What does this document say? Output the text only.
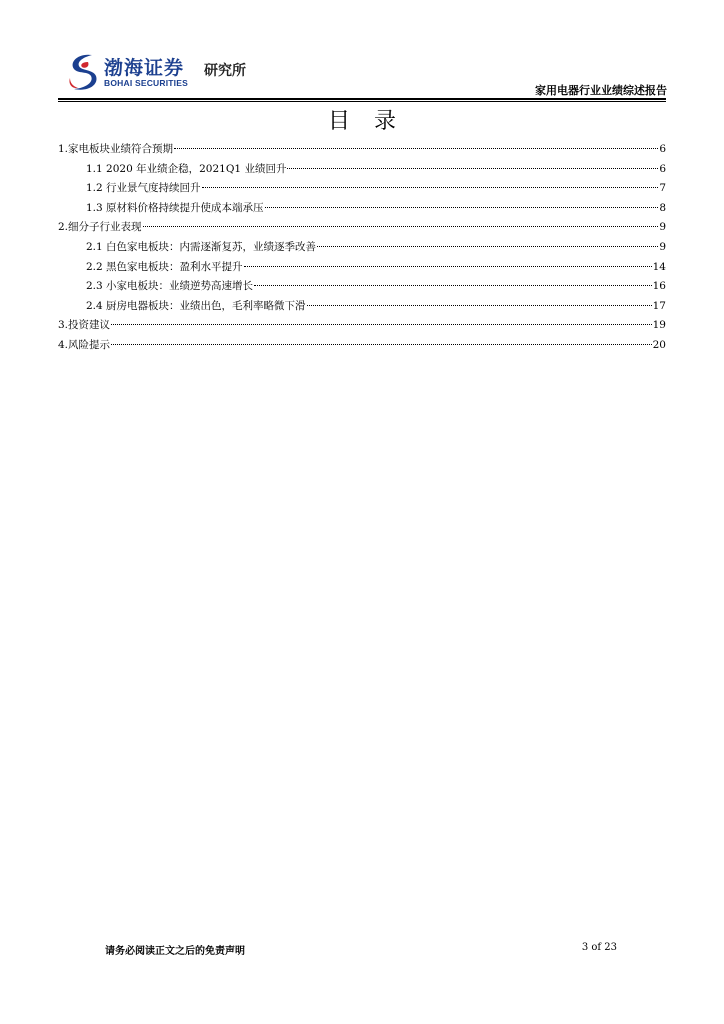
渤海证券
BOHAI SECURITIES
研究所
家用电器行业业绩综述报告
目录
1.家电板块业绩符合预期	6
1.1 2020 年业绩企稳，2021Q1 业绩回升	6
1.2 行业景气度持续回升	7
1.3 原材料价格持续提升使成本端承压	8
2.细分子行业表现	9
2.1 白色家电板块：内需逐渐复苏，业绩逐季改善	9
2.2 黑色家电板块：盈利水平提升	14
2.3 小家电板块：业绩逆势高速增长	16
2.4 厨房电器板块：业绩出色，毛利率略微下滑	17
3.投资建议	19
4.风险提示	20
请务必阅读正文之后的免责声明	3 of 23
